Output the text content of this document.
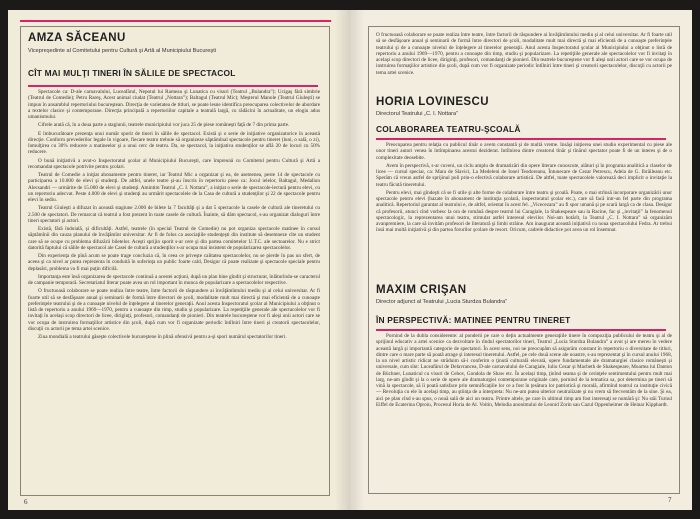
AMZA SĂCEANU
Vicepreşedinte al Comitetului pentru Cultură şi Artă al Municipiului Bucureşti
CÎT MAI MULŢI TINERI ÎN SĂLILE DE SPECTACOL

Spectacole ca: D-ale carnavalului, Luceafărul, Nepotul lui Rameau şi Lunatica cu visuri (Teatrul „Bulandra”); Ucigaş fără simbrie (Teatrul de Comedie); Petru Rareş, Acest animal ciudat (Teatrul „Nottara”); Baltagul (Teatrul Mic); Meşterul Manole (Teatrul Giuleşti) se impun în ansamblul repertoriului bucureştean. Direcţia de varietatea de titluri, se poate lesne identifica preocuparea colectivelor de abordare a textelor clasice şi contemporane. Direcţia principală a repertoriilor capitale a teatrală largă, cu rădăcini în actualitate, un elogiu adus umanismului.

Cifrele arată că, în a doua parte a stagiunii, teatrele municipiului vor juca 25 de piese româneşti faţă de 7 din prima parte.

E îmbucurătoare prezenţa unui număr sporit de tineri în sălile de spectacol. Există şi o serie de iniţiative organizatorice în această direcţie. Conform prevederilor legale în vigoare, fiecare teatru trebuie să organizeze săptămînal spectacole pentru tineret (luni, o sală, o zi), înmulţirea cu 30% reducere a matineelor şi a unui cerc de teatru. Da, se spectacol, la iniţiativa studenţilor se află 20 de locuri cu 50% reducere.

O bună iniţiativă a avut-o Inspectoratul şcolar al Municipiului Bucureşti, care împreună cu Comitetul pentru Cultură şi Artă a recomandat spectacole potrivite pentru şcolari.

Teatrul de Comedie a iniţiat abonamente pentru tineret, iar Teatrul Mic a organizat şi ea, de asemenea, peste 14 de spectacole cu participarea a 10.000 de elevi şi studenţi. De altfel, unele teatre şi-au înscris în repertoriu piese ca: Jocul ielelor, Baltagul, Medalion Alecsandri — urmărite de 15.000 de elevi şi studenţi. Amintim Teatrul „C. I. Nottara”, a iniţiat o serie de spectacole-lectură pentru elevi, cu un repertoriu adecvat. Peste 4.000 de elevi şi studenţi au urmărit spectacolele de la Casa de cultură a studenţilor şi 22 de spectacole pentru elevi în sediu.

Teatrul Giuleşti a difuzat în această stagiune 2.000 de bilete la 7 facultăţi şi a dat 5 spectacole la casele de cultură ale tineretului cu 2.500 de spectatori. De remarcat că teatrul a fost prezent în toate casele de cultură. Înainte, să dăm spectacol, s-au organizat dialoguri între tineri spectatori şi actori.

Există, fără îndoială, şi dificultăţi. Astfel, teatrele (în special Teatrul de Comedie) nu pot organiza spectacole matinee în cursul săptămînii din cauza planului de învăţămînt universitar. Ar fi de folos ca asociaţiile studenţeşti din institute să desemneze cîte un student care să se ocupe cu problema difuzării biletelor. Aceşti sprijin sporit s-ar cere şi din partea comitetelor U.T.C. ale sectoarelor. Nu e strict datorită faptului că sălile de spectacol ale Casei de cultură a studenţilor s-ar ocupa mai insistent de popularizarea spectacolelor.

Din experienţa de pînă acum se poate trage concluzia că, în ceea ce priveşte calitatea spectacolelor, nu se pierde în pas un sfert, de aceea şi ca nivel ar putea reprezenta în conduită în suferinţa un public foarte cald, Desigur că poate realizate şi spectacole speciale pentru deplasări, problema va fi mai puţin dificilă.

Importanţa este însă organizarea de spectacole continuă a acestei acţiuni, după un plan bine gîndit şi structurat, înlăturîndu-se caracterul de campanie temporară. Secretariatul literar poate avea un rol important în munca de popularizare a spectacolelor respective.

O fructuoasă colaborare se poate realiza între teatre, între factorii de răspundere ai învăţămîntului mediu şi al celui universitar. Ar fi foarte util să se desfăşoare anual şi seminarii de formă între directori de şcoli, modalitate mult mai directă şi mai eficientă de a cunoaşte preferinţele teatrului şi de a cunoaşte nivelul de înţelegere al tinerelor generaţii. Anul acesta Inspectoratul şcolar al Municipiului a obţinut o listă de repertoriu a anului 1969—1970, pentru a cunoaşte din timp, studiu şi popularizare. La repetiţiile generale ale spectacolelor vor fi invitaţi în acelaşi scop directori de licee, diriginţi, profesori, comandanţi de pionieri. Din teatrele bucureştene vor fi aleşi unii actori care se vor ocupa de instruirea formaţiilor artistice din şcoli, după cum vor fi organizate periodic întîlniri între tineri şi creatorii spectacolelor, discuţii cu actorii pe tema artei scenice.

Ziua mondială a teatrului găseşte colectivele bucureştene în plină ofensivă pentru a-şi spori numărul spectatorilor tineri.

6

O fructuoasă colaborare se poate realiza între teatre, între factorii de răspundere ai învăţămîntului mediu şi al celui universitar. Ar fi foarte util să se desfăşoare anual şi seminarii de formă între directori de şcoli, modalitate mult mai directă şi mai eficientă de a cunoaşte preferinţele teatrului şi de a cunoaşte nivelul de înţelegere al tinerelor generaţii. Anul acesta Inspectoratul şcolar al Municipiului a obţinut o listă de repertoriu a anului 1969—1970, pentru a cunoaşte din timp, studiu şi popularizare. La repetiţiile generale ale spectacolelor vor fi invitaţi în acelaşi scop directori de licee, diriginţi, profesori, comandanţi de pionieri. Din teatrele bucureştene vor fi aleşi unii actori care se vor ocupa de instruirea formaţiilor artistice din şcoli, după cum vor fi organizate periodic întîlniri între tineri şi creatorii spectacolelor, discuţii cu actorii pe tema artei scenice.

HORIA LOVINESCU
Directorul Teatrului „C. I. Nottara”
COLABORAREA TEATRU-ŞCOALĂ

Preocuparea pentru relaţia cu publicul tînăr o avem constantă şi de multă vreme. Insăşi iniţierea unei studio experimental cu piese ale unor tineri autori venea în întîmpinarea acestui deziderat. Intîlnirea dintre creatorul tînăr şi tînărul spectator poate fi de un interes şi de o complexitate deosebite.

Avem în perspectivă, s-ar cuveni, un ciclu amplu de dramatizări din opere literare cunoscute, alături şi în programa analitică a claselor de licee — cursul speciar, ca: Mara de Slavici, La Medeleni de Ionel Teodoreanu, Întunecare de Cezar Petrescu, Adela de G. Ibrăileanu etc. Sperăm că vreun astfel de sprijinul poli prin-o efectivă colaborare artistică. De altfel, toate spectacolele valorează deci implicit o invitaţie la teatru făcută tineretului.

Pentru elevi, mai gîndeşti că se fi utile şi alte forme de colaborare între teatru şi şcoală. Poate, o mai strînsă incorporare organizării unor spectacole pentru elevi (bazate în abonament de instituţia şcolară, inspectoratul şcolar etc.), care să facă intr-un fel parte din programa analitică. Repertoriul garantat al teatrului e, de altfel, orientat în acest fel. „Vicecezara” au fi spor umană şi pe scară largă ca de clasa. Desigur că profesorii, atunci cînd vorbesc la ora de română despre teatrul lui Caragiale, la Shakespeare sau la Racine, fac şi „invitaţii” la fenomenul spectacologic, la reprezentarea unui teatru, stimulat astfel interesul elevilor. Noi-am hotărît, la Teatrul „C. I. Nottara” să organizăm avanpremiere, la care să invităm profesori de literatură şi limbi străine. Am inaugurat această iniţiativă cu noua spectacolului Fedra. Ar trebui însă mai multă iniţiativă şi din partea forurilor şcolare de resort. Oricum, cadrele didactice pot avea un rol însemnat.

MAXIM CRIŞAN
Director adjunct al Teatrului „Lucia Sturdza Bulandra”
ÎN PERSPECTIVĂ: MATINEE PENTRU TINERET

Pornind de la dubla considerente: al ponderii pe care o deţin actualmente generaţiile tinere în compoziţia publicului de teatru şi al de sprijinul educativ a artei scenice ca dezvoltare în rîndul spectatorilor tineri, Teatrul „Lucia Sturdza Bulandra” a avut şi are mereu în vedere această largă şi importantă categorie de spectatori. În acest sens, noi ne preocupăm să asigurăm constant în repertoriu o diversitate de titluri, dintre care o mare parte să poată atrage şi interesul tineretului. Astfel, pe cele două scene ale noastre, s-au reprezentat şi în cursul anului 1968, la un nivel artistic ridicat ne străduim să-i conferim o ţinută culturală elevată, opere fundamentale ale dramaturgiei clasice româneşti şi universale, cum sînt: Luceafărul de Delavrancea, D-ale carnavalului de Caragiale, Iuliu Cezar şi Macbeth de Shakespeare, Moartea lui Danton de Büchner, Lunaticul cu visuri de Cehov, Gondola de Shaw etc. În același timp, ţinînd seama şi de cerinţele sentimentului pentru mult mai larg, ne-am gîndit şi la o serie de opere ale dramaturgiei contemporane originale care, pornind de la tematica sa, pot determina pe tineri să vină la spectacole, să îi poată satisface prin semnificaţiile lor ce a fost în ţesătura lor patriotică şi morală, afirmînd teatrul ca instituţie civică — Revoluţia cu ele în acelaşi timp, au ştiinţa de a interpreta: Nu ne-am putea ulterior neutralizate şi nu vrem să frecventăm de la sine. Şi ea, aici pe plan cînd s-au spus, o nouă sală de aici un teatru. Printre altele, pe care în ultimul timp am fost interesaţi se numără şi: Nu stăi Turnul Eiffel de Ecaterina Oproiu, Procesul Horia de Al. Voitin, Melodia anonimului de Leonid Zorin sau Cazul Oppenheimer de Heinar Kipphardt.

7
